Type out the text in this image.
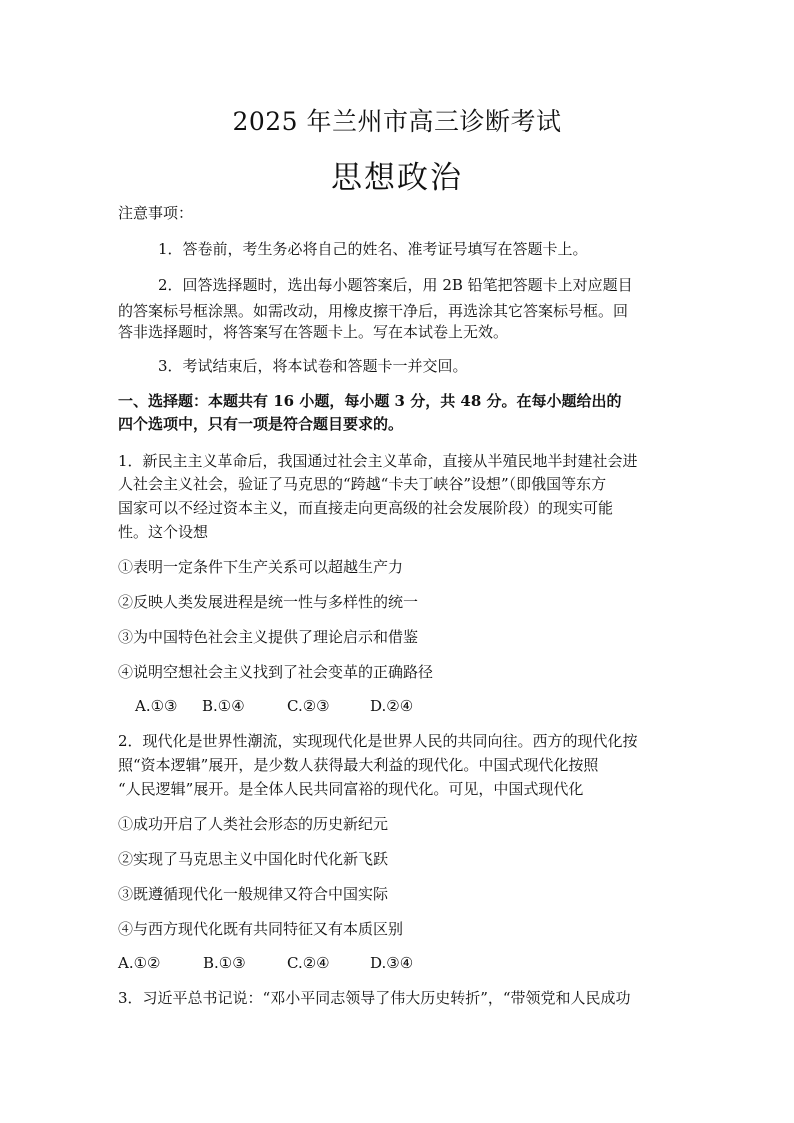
2025 年兰州市高三诊断考试
思想政治
注意事项：
1．答卷前，考生务必将自己的姓名、准考证号填写在答题卡上。
2．回答选择题时，选出每小题答案后，用 2B 铅笔把答题卡上对应题目
的答案标号框涂黑。如需改动，用橡皮擦干净后，再选涂其它答案标号框。回
答非选择题时，将答案写在答题卡上。写在本试卷上无效。
3．考试结束后，将本试卷和答题卡一并交回。
一、选择题：本题共有 16 小题，每小题 3 分，共 48 分。在每小题给出的
四个选项中，只有一项是符合题目要求的。
1．新民主主义革命后，我国通过社会主义革命，直接从半殖民地半封建社会进
人社会主义社会，验证了马克思的“跨越“卡夫丁峡谷”设想”（即俄国等东方
国家可以不经过资本主义，而直接走向更高级的社会发展阶段）的现实可能
性。这个设想
①表明一定条件下生产关系可以超越生产力
②反映人类发展进程是统一性与多样性的统一
③为中国特色社会主义提供了理论启示和借鉴
④说明空想社会主义找到了社会变革的正确路径
A.①③ B.①④	C.②③	D.②④
2．现代化是世界性潮流，实现现代化是世界人民的共同向往。西方的现代化按
照“资本逻辑”展开，是少数人获得最大利益的现代化。中国式现代化按照
“人民逻辑”展开。是全体人民共同富裕的现代化。可见，中国式现代化
①成功开启了人类社会形态的历史新纪元
②实现了马克思主义中国化时代化新飞跃
③既遵循现代化一般规律又符合中国实际
④与西方现代化既有共同特征又有本质区别
A.①②	B.①③	C.②④	D.③④
3．习近平总书记说：“邓小平同志领导了伟大历史转折”，“带领党和人民成功
